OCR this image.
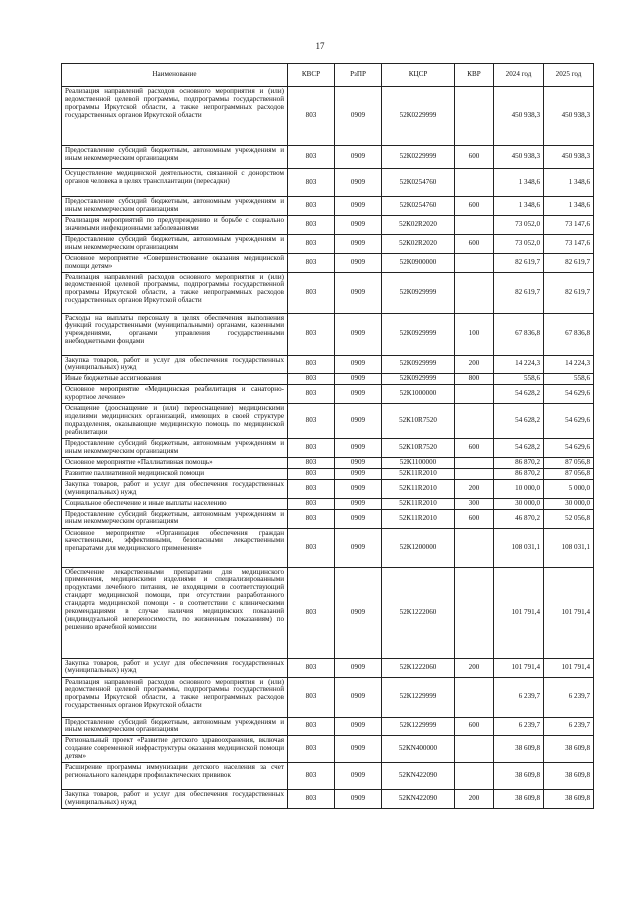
17
Наименование	КВСР	РзПР	КЦСР	КВР	2024 год	2025 год
Реализация направлений расходов основного мероприятия и (или) ведомственной целевой программы, подпрограммы государственной программы Иркутской области, а также непрограммных расходов государственных органов Иркутской области	803	0909	52К0229999		450 938,3	450 938,3
Предоставление субсидий бюджетным, автономным учреждениям и иным некоммерческим организациям	803	0909	52К0229999	600	450 938,3	450 938,3
Осуществление медицинской деятельности, связанной с донорством органов человека в целях трансплантации (пересадки)	803	0909	52К0254760		1 348,6	1 348,6
Предоставление субсидий бюджетным, автономным учреждениям и иным некоммерческим организациям	803	0909	52К0254760	600	1 348,6	1 348,6
Реализация мероприятий по предупреждению и борьбе с социально значимыми инфекционными заболеваниями	803	0909	52К02R2020		73 052,0	73 147,6
Предоставление субсидий бюджетным, автономным учреждениям и иным некоммерческим организациям	803	0909	52К02R2020	600	73 052,0	73 147,6
Основное мероприятие «Совершенствование оказания медицинской помощи детям»	803	0909	52К0900000		82 619,7	82 619,7
Реализация направлений расходов основного мероприятия и (или) ведомственной целевой программы, подпрограммы государственной программы Иркутской области, а также непрограммных расходов государственных органов Иркутской области	803	0909	52К0929999		82 619,7	82 619,7
Расходы на выплаты персоналу в целях обеспечения выполнения функций государственными (муниципальными) органами, казенными учреждениями, органами управления государственными внебюджетными фондами	803	0909	52К0929999	100	67 836,8	67 836,8
Закупка товаров, работ и услуг для обеспечения государственных (муниципальных) нужд	803	0909	52К0929999	200	14 224,3	14 224,3
Иные бюджетные ассигнования	803	0909	52К0929999	800	558,6	558,6
Основное мероприятие «Медицинская реабилитация и санаторно-курортное лечение»	803	0909	52К1000000		54 628,2	54 629,6
Оснащение (дооснащение и (или) переоснащение) медицинскими изделиями медицинских организаций, имеющих в своей структуре подразделения, оказывающие медицинскую помощь по медицинской реабилитации	803	0909	52К10R7520		54 628,2	54 629,6
Предоставление субсидий бюджетным, автономным учреждениям и иным некоммерческим организациям	803	0909	52К10R7520	600	54 628,2	54 629,6
Основное мероприятие «Паллиативная помощь»	803	0909	52К1100000		86 870,2	87 056,8
Развитие паллиативной медицинской помощи	803	0909	52К11R2010		86 870,2	87 056,8
Закупка товаров, работ и услуг для обеспечения государственных (муниципальных) нужд	803	0909	52К11R2010	200	10 000,0	5 000,0
Социальное обеспечение и иные выплаты населению	803	0909	52К11R2010	300	30 000,0	30 000,0
Предоставление субсидий бюджетным, автономным учреждениям и иным некоммерческим организациям	803	0909	52К11R2010	600	46 870,2	52 056,8
Основное мероприятие «Организация обеспечения граждан качественными, эффективными, безопасными лекарственными препаратами для медицинского применения»	803	0909	52К1200000		108 031,1	108 031,1
Обеспечение лекарственными препаратами для медицинского применения, медицинскими изделиями и специализированными продуктами лечебного питания, не входящими в соответствующий стандарт медицинской помощи, при отсутствии разработанного стандарта медицинской помощи - в соответствии с клиническими рекомендациями в случае наличия медицинских показаний (индивидуальной непереносимости, по жизненным показаниям) по решению врачебной комиссии	803	0909	52К1222060		101 791,4	101 791,4
Закупка товаров, работ и услуг для обеспечения государственных (муниципальных) нужд	803	0909	52К1222060	200	101 791,4	101 791,4
Реализация направлений расходов основного мероприятия и (или) ведомственной целевой программы, подпрограммы государственной программы Иркутской области, а также непрограммных расходов государственных органов Иркутской области	803	0909	52К1229999		6 239,7	6 239,7
Предоставление субсидий бюджетным, автономным учреждениям и иным некоммерческим организациям	803	0909	52К1229999	600	6 239,7	6 239,7
Региональный проект «Развитие детского здравоохранения, включая создание современной инфраструктуры оказания медицинской помощи детям»	803	0909	52КN400000		38 609,8	38 609,8
Расширение программы иммунизации детского населения за счет регионального календаря профилактических прививок	803	0909	52КN422090		38 609,8	38 609,8
Закупка товаров, работ и услуг для обеспечения государственных (муниципальных) нужд	803	0909	52КN422090	200	38 609,8	38 609,8
